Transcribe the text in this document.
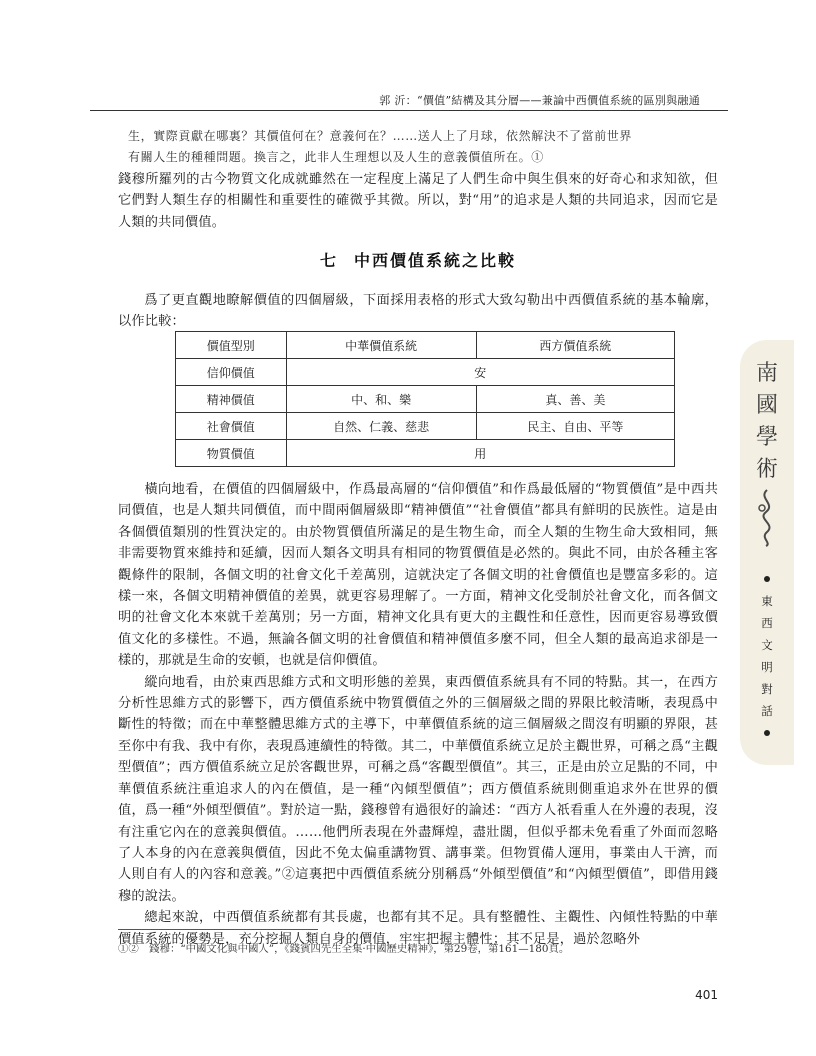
郭 沂：“價值”結構及其分層——兼論中西價值系統的區別與融通

生，實際貢獻在哪裏？其價值何在？意義何在？……送人上了月球，依然解決不了當前世界

有關人生的種種問題。換言之，此非人生理想以及人生的意義價值所在。①

錢穆所羅列的古今物質文化成就雖然在一定程度上滿足了人們生命中與生俱來的好奇心和求知欲，但它們對人類生存的相關性和重要性的確微乎其微。所以，對“用”的追求是人類的共同追求，因而它是人類的共同價值。

七 中西價值系統之比較

爲了更直觀地瞭解價值的四個層級，下面採用表格的形式大致勾勒出中西價值系統的基本輪廓，以作比較：

價值型別	中華價值系統	西方價值系統
信仰價值	安	
精神價值	中、和、樂	真、善、美
社會價值	自然、仁義、慈悲	民主、自由、平等
物質價值	用	

橫向地看，在價值的四個層級中，作爲最高層的“信仰價值”和作爲最低層的“物質價值”是中西共同價值，也是人類共同價值，而中間兩個層級即“精神價值”“社會價值”都具有鮮明的民族性。這是由各個價值類別的性質決定的。由於物質價值所滿足的是生物生命，而全人類的生物生命大致相同，無非需要物質來維持和延續，因而人類各文明具有相同的物質價值是必然的。與此不同，由於各種主客觀條件的限制，各個文明的社會文化千差萬別，這就決定了各個文明的社會價值也是豐富多彩的。這樣一來，各個文明精神價值的差異，就更容易理解了。一方面，精神文化受制於社會文化，而各個文明的社會文化本來就千差萬別；另一方面，精神文化具有更大的主觀性和任意性，因而更容易導致價值文化的多樣性。不過，無論各個文明的社會價值和精神價值多麼不同，但全人類的最高追求卻是一樣的，那就是生命的安頓，也就是信仰價值。

縱向地看，由於東西思維方式和文明形態的差異，東西價值系統具有不同的特點。其一，在西方分析性思維方式的影響下，西方價值系統中物質價值之外的三個層級之間的界限比較清晰，表現爲中斷性的特徵；而在中華整體思維方式的主導下，中華價值系統的這三個層級之間沒有明顯的界限，甚至你中有我、我中有你，表現爲連續性的特徵。其二，中華價值系統立足於主觀世界，可稱之爲“主觀型價值”；西方價值系統立足於客觀世界，可稱之爲“客觀型價值”。其三，正是由於立足點的不同，中華價值系統注重追求人的內在價值，是一種“內傾型價值”；西方價值系統則側重追求外在世界的價值，爲一種“外傾型價值”。對於這一點，錢穆曾有過很好的論述：“西方人祇看重人在外邊的表現，沒有注重它內在的意義與價值。……他們所表現在外盡輝煌，盡壯闊，但似乎都未免看重了外面而忽略了人本身的內在意義與價值，因此不免太偏重講物質、講事業。但物質備人運用，事業由人干濟，而人則自有人的內容和意義。”②這裏把中西價值系統分別稱爲“外傾型價值”和“內傾型價值”，即借用錢穆的說法。

總起來說，中西價值系統都有其長處，也都有其不足。具有整體性、主觀性、內傾性特點的中華價值系統的優勢是，充分挖掘人類自身的價值，牢牢把握主體性；其不足是，過於忽略外

①②　錢穆：“中國文化與中國人”，《錢賓四先生全集·中國歷史精神》，第29卷，第161—180頁。
401
南
國
學
術
東
西
文
明
對
話
